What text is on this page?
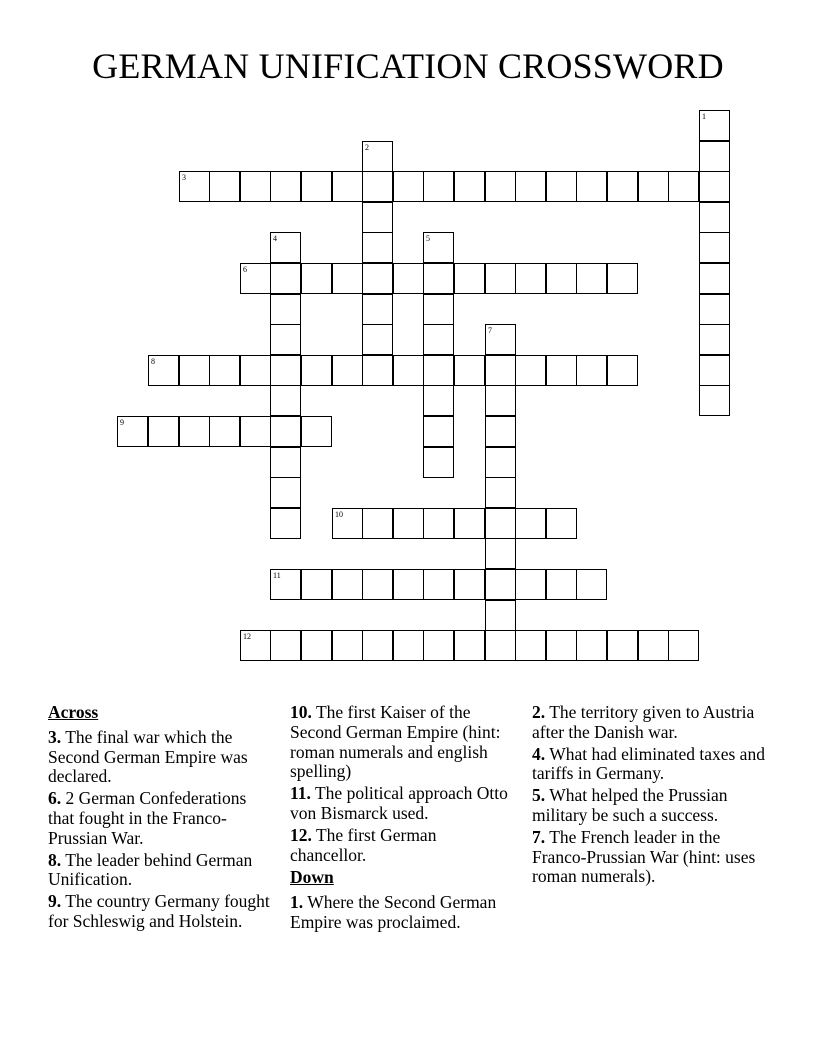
GERMAN UNIFICATION CROSSWORD
1
2
3
4	5
6
7
8
9
10
11
12
Across

3. The final war which the Second German Empire was declared.

6. 2 German Confederations that fought in the Franco-Prussian War.

8. The leader behind German Unification.

9. The country Germany fought for Schleswig and Holstein.

10. The first Kaiser of the Second German Empire (hint: roman numerals and english spelling)

11. The political approach Otto von Bismarck used.

12. The first German chancellor.

Down

1. Where the Second German Empire was proclaimed.

2. The territory given to Austria after the Danish war.

4. What had eliminated taxes and tariffs in Germany.

5. What helped the Prussian military be such a success.

7. The French leader in the Franco-Prussian War (hint: uses roman numerals).
